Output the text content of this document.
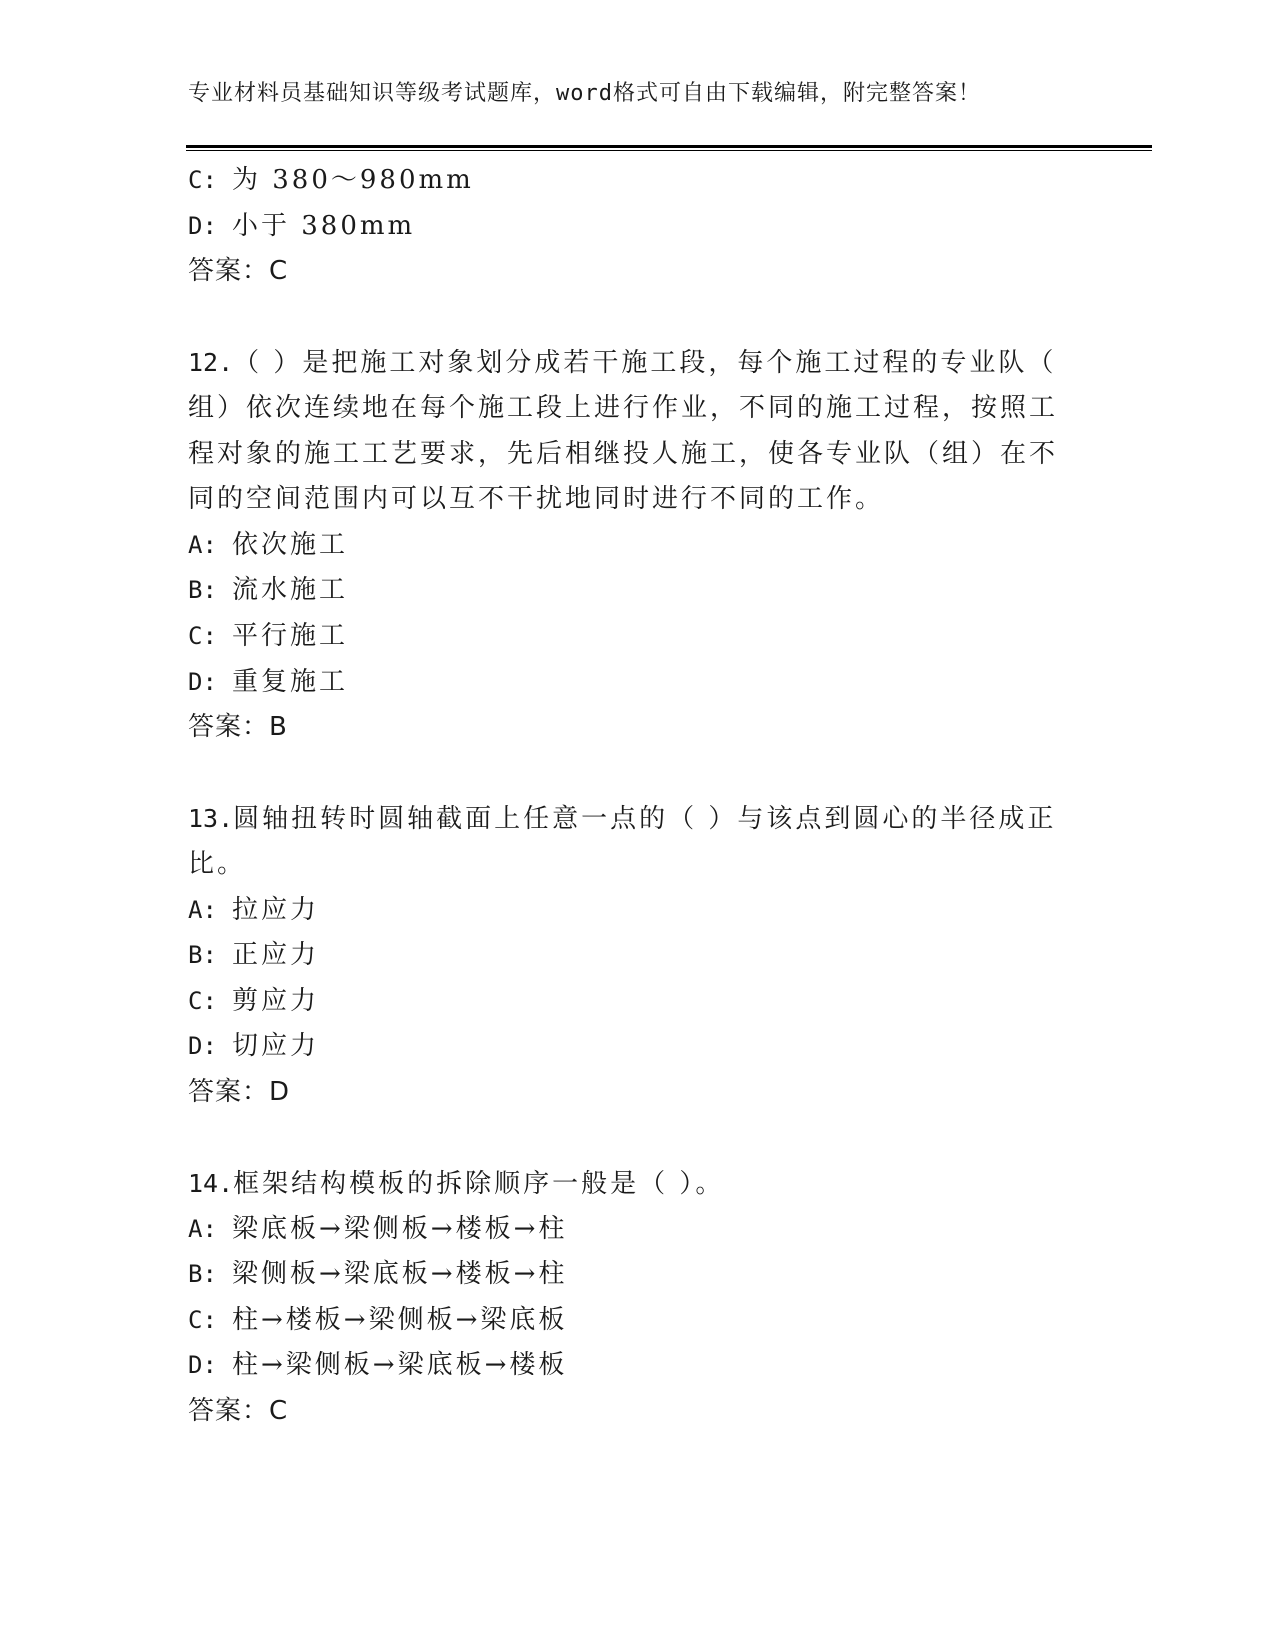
专业材料员基础知识等级考试题库，word格式可自由下载编辑，附完整答案！
C: 为 380～980mm
D: 小于 380mm
答案：C
12.（ ）是把施工对象划分成若干施工段，每个施工过程的专业队（
组）依次连续地在每个施工段上进行作业，不同的施工过程，按照工
程对象的施工工艺要求，先后相继投人施工，使各专业队（组）在不
同的空间范围内可以互不干扰地同时进行不同的工作。
A: 依次施工
B: 流水施工
C: 平行施工
D: 重复施工
答案：B
13.圆轴扭转时圆轴截面上任意一点的（ ）与该点到圆心的半径成正
比。
A: 拉应力
B: 正应力
C: 剪应力
D: 切应力
答案：D
14.框架结构模板的拆除顺序一般是（ ）。
A: 梁底板→梁侧板→楼板→柱
B: 梁侧板→梁底板→楼板→柱
C: 柱→楼板→梁侧板→梁底板
D: 柱→梁侧板→梁底板→楼板
答案：C
